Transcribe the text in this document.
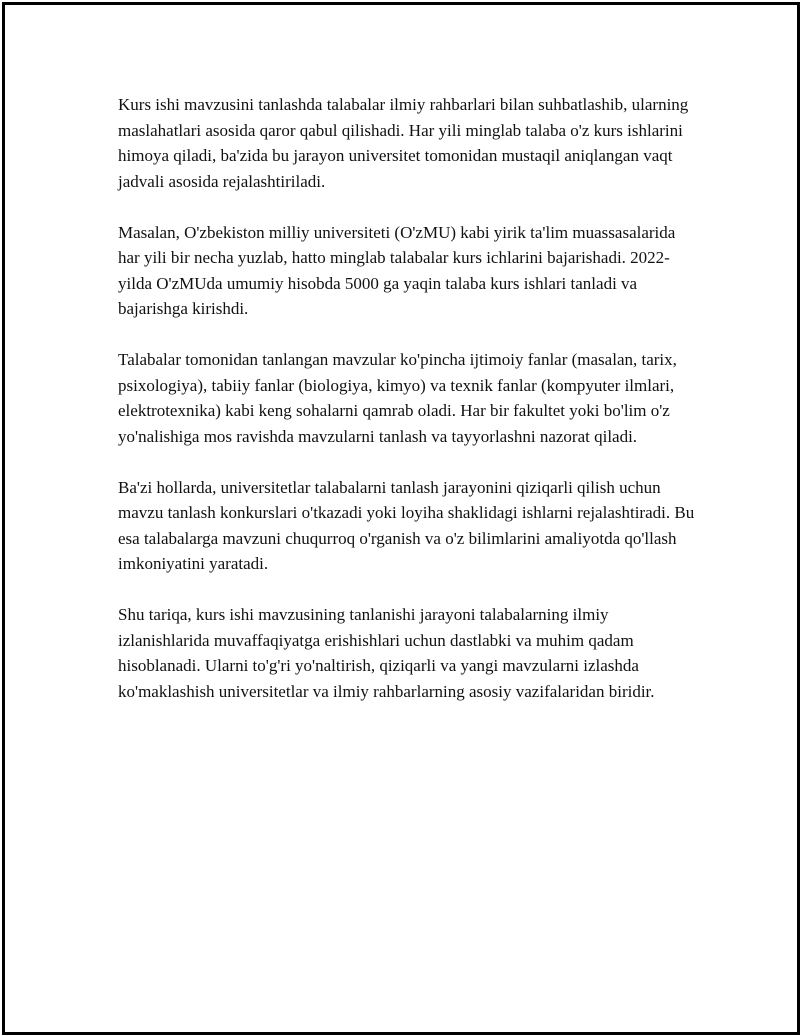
Kurs ishi mavzusini tanlashda talabalar ilmiy rahbarlari bilan suhbatlashib, ularning maslahatlari asosida qaror qabul qilishadi. Har yili minglab talaba o'z kurs ishlarini himoya qiladi, ba'zida bu jarayon universitet tomonidan mustaqil aniqlangan vaqt jadvali asosida rejalashtiriladi.

Masalan, O'zbekiston milliy universiteti (O'zMU) kabi yirik ta'lim muassasalarida har yili bir necha yuzlab, hatto minglab talabalar kurs ichlarini bajarishadi. 2022-yilda O'zMUda umumiy hisobda 5000 ga yaqin talaba kurs ishlari tanladi va bajarishga kirishdi.

Talabalar tomonidan tanlangan mavzular ko'pincha ijtimoiy fanlar (masalan, tarix, psixologiya), tabiiy fanlar (biologiya, kimyo) va texnik fanlar (kompyuter ilmlari, elektrotexnika) kabi keng sohalarni qamrab oladi. Har bir fakultet yoki bo'lim o'z yo'nalishiga mos ravishda mavzularni tanlash va tayyorlashni nazorat qiladi.

Ba'zi hollarda, universitetlar talabalarni tanlash jarayonini qiziqarli qilish uchun mavzu tanlash konkurslari o'tkazadi yoki loyiha shaklidagi ishlarni rejalashtiradi. Bu esa talabalarga mavzuni chuqurroq o'rganish va o'z bilimlarini amaliyotda qo'llash imkoniyatini yaratadi.

Shu tariqa, kurs ishi mavzusining tanlanishi jarayoni talabalarning ilmiy izlanishlarida muvaffaqiyatga erishishlari uchun dastlabki va muhim qadam hisoblanadi. Ularni to'g'ri yo'naltirish, qiziqarli va yangi mavzularni izlashda ko'maklashish universitetlar va ilmiy rahbarlarning asosiy vazifalaridan biridir.
